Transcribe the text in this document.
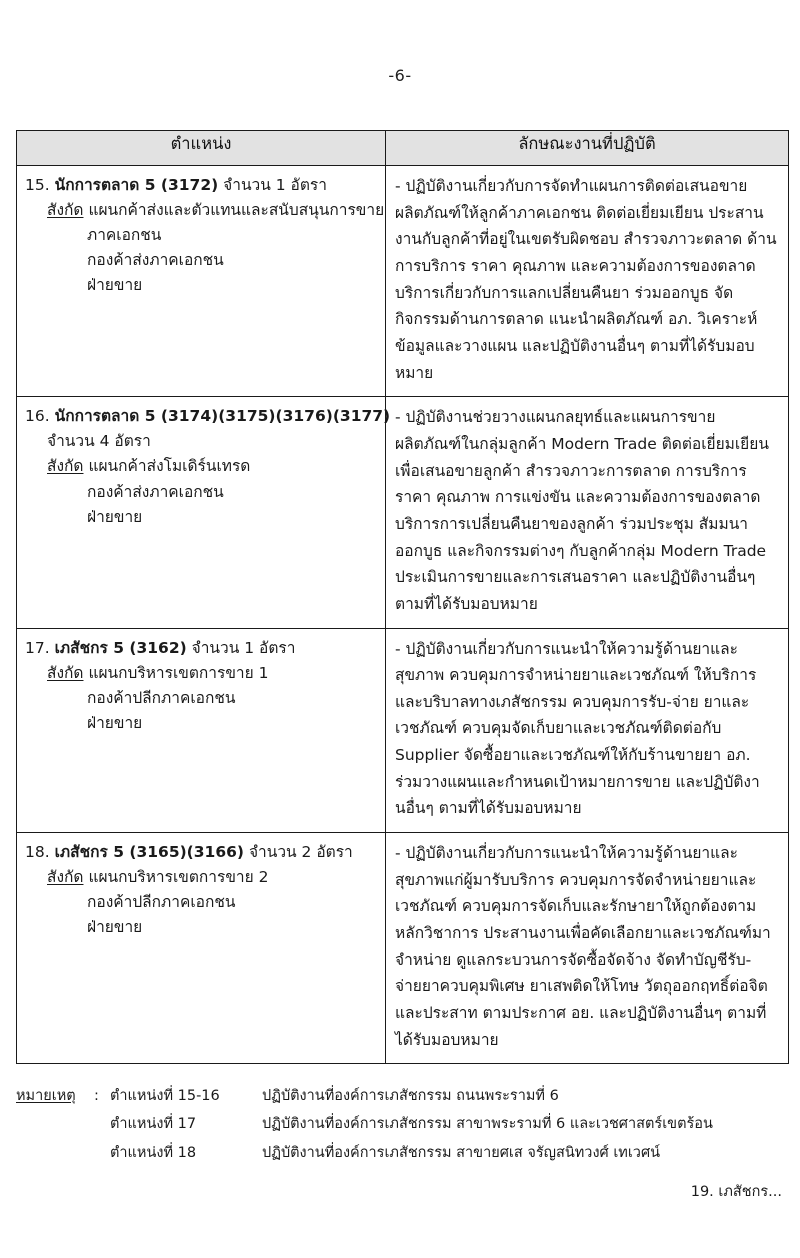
-6-
ตำแหน่ง	ลักษณะงานที่ปฏิบัติ

15. นักการตลาด 5 (3172) จำนวน 1 อัตรา
สังกัด แผนกค้าส่งและตัวแทนและสนับสนุนการขาย
ภาคเอกชน
กองค้าส่งภาคเอกชน
ฝ่ายขาย

- ปฏิบัติงานเกี่ยวกับการจัดทำแผนการติดต่อเสนอขายผลิตภัณฑ์ให้ลูกค้าภาคเอกชน ติดต่อเยี่ยมเยียน ประสานงานกับลูกค้าที่อยู่ในเขตรับผิดชอบ สำรวจภาวะตลาด ด้านการบริการ ราคา คุณภาพ และความต้องการของตลาด บริการเกี่ยวกับการแลกเปลี่ยนคืนยา ร่วมออกบูธ จัดกิจกรรมด้านการตลาด แนะนำผลิตภัณฑ์ อภ. วิเคราะห์ข้อมูลและวางแผน และปฏิบัติงานอื่นๆ ตามที่ได้รับมอบหมาย

16. นักการตลาด 5 (3174)(3175)(3176)(3177)
จำนวน 4 อัตรา
สังกัด แผนกค้าส่งโมเดิร์นเทรด
กองค้าส่งภาคเอกชน
ฝ่ายขาย

- ปฏิบัติงานช่วยวางแผนกลยุทธ์และแผนการขายผลิตภัณฑ์ในกลุ่มลูกค้า Modern Trade ติดต่อเยี่ยมเยียน เพื่อเสนอขายลูกค้า สำรวจภาวะการตลาด การบริการ ราคา คุณภาพ การแข่งขัน และความต้องการของตลาด บริการการเปลี่ยนคืนยาของลูกค้า ร่วมประชุม สัมมนา ออกบูธ และกิจกรรมต่างๆ กับลูกค้ากลุ่ม Modern Trade ประเมินการขายและการเสนอราคา และปฏิบัติงานอื่นๆ ตามที่ได้รับมอบหมาย

17. เภสัชกร 5 (3162) จำนวน 1 อัตรา
สังกัด แผนกบริหารเขตการขาย 1
กองค้าปลีกภาคเอกชน
ฝ่ายขาย

- ปฏิบัติงานเกี่ยวกับการแนะนำให้ความรู้ด้านยาและสุขภาพ ควบคุมการจำหน่ายยาและเวชภัณฑ์ ให้บริการและบริบาลทางเภสัชกรรม ควบคุมการรับ-จ่าย ยาและเวชภัณฑ์ ควบคุมจัดเก็บยาและเวชภัณฑ์ติดต่อกับ Supplier จัดซื้อยาและเวชภัณฑ์ให้กับร้านขายยา อภ. ร่วมวางแผนและกำหนดเป้าหมายการขาย และปฏิบัติงานอื่นๆ ตามที่ได้รับมอบหมาย

18. เภสัชกร 5 (3165)(3166) จำนวน 2 อัตรา
สังกัด แผนกบริหารเขตการขาย 2
กองค้าปลีกภาคเอกชน
ฝ่ายขาย

- ปฏิบัติงานเกี่ยวกับการแนะนำให้ความรู้ด้านยาและสุขภาพแก่ผู้มารับบริการ ควบคุมการจัดจำหน่ายยาและเวชภัณฑ์ ควบคุมการจัดเก็บและรักษายาให้ถูกต้องตามหลักวิชาการ ประสานงานเพื่อคัดเลือกยาและเวชภัณฑ์มาจำหน่าย ดูแลกระบวนการจัดซื้อจัดจ้าง จัดทำบัญชีรับ-จ่ายยาควบคุมพิเศษ ยาเสพติดให้โทษ วัตถุออกฤทธิ์ต่อจิตและประสาท ตามประกาศ อย. และปฏิบัติงานอื่นๆ ตามที่ได้รับมอบหมาย
หมายเหตุ	: ตำแหน่งที่ 15-16	ปฏิบัติงานที่องค์การเภสัชกรรม ถนนพระรามที่ 6
ตำแหน่งที่ 17	ปฏิบัติงานที่องค์การเภสัชกรรม สาขาพระรามที่ 6 และเวชศาสตร์เขตร้อน
ตำแหน่งที่ 18	ปฏิบัติงานที่องค์การเภสัชกรรม สาขายศเส จรัญสนิทวงศ์ เทเวศน์
19. เภสัชกร...
